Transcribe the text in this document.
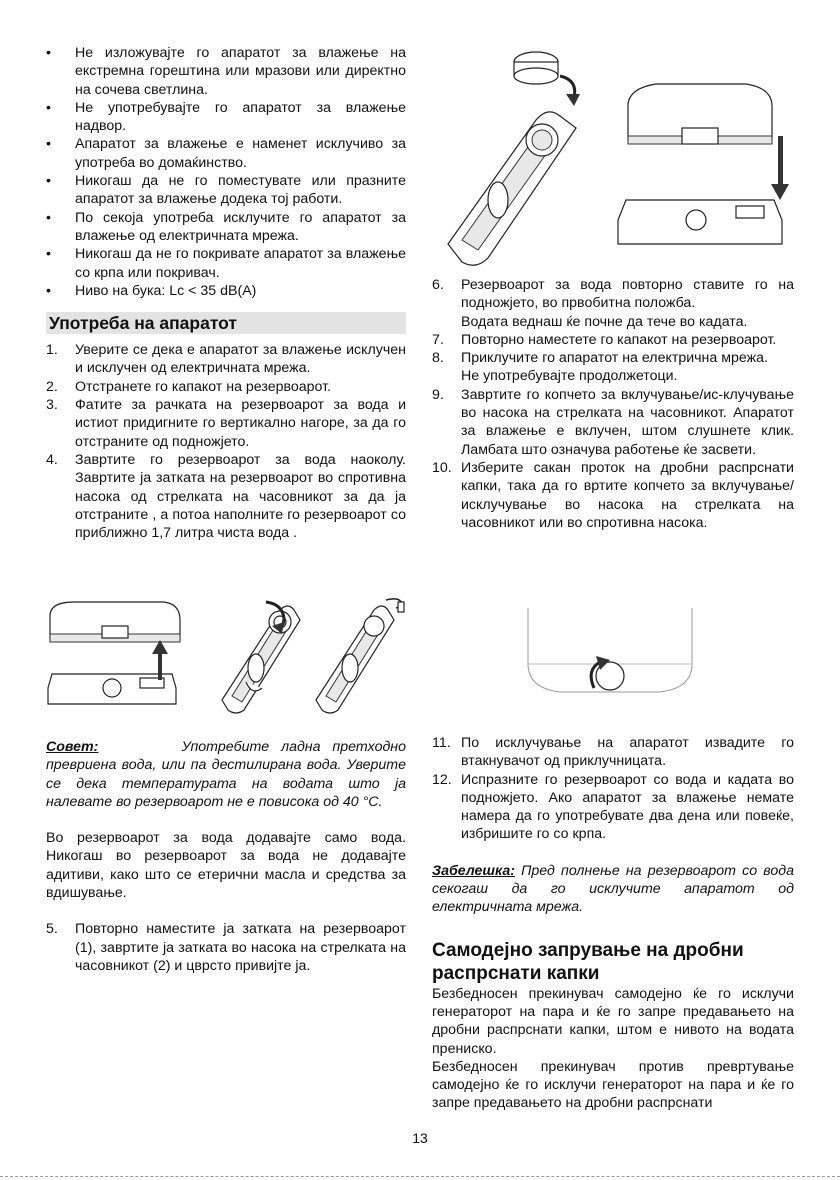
• Не изложувајте го апаратот за влажење на екстремна горештина или мразови или директно на сочева светлина.
• Не употребувајте го апаратот за влажење надвор.
• Апаратот за влажење е наменет исклучиво за употреба во домаќинство.
• Никогаш да не го поместувате или празните апаратот за влажење додека тој работи.
• По секоја употреба исклучите го апаратот за влажење од електричната мрежа.
• Никогаш да не го покривате апаратот за влажење со крпа или покривач.
• Ниво на бука: Lc < 35 dB(A)
Употреба на апаратот
1. Уверите се дека е апаратот за влажење исклучен и исклучен од електричната мрежа.
2. Отстранете го капакот на резервоарот.
3. Фатите за рачката на резервоарот за вода и истиот придигните го вертикално нагоре, за да го отстраните од подножјето.
4. Завртите го резервоарот за вода наоколу. Завртите ја затката на резервоарот во спротивна насока од стрелката на часовникот за да ја отстраните , а потоа наполните го резервоарот со приближно 1,7 литра чиста вода .

Совет:	Употребите ладна претходно превриена вода, или па дестилирана вода. Уверите се дека температурата на водата што ја налевате во резервоарот не е повисока од 40 °C.

Во резервоарот за вода додавајте само вода. Никогаш во резервоарот за вода не додавајте адитиви, како што се етерични масла и средства за вдишување.

5. Повторно наместите ја затката на резервоарот (1), завртите ја затката во насока на стрелката на часовникот (2) и цврсто привијте ја.
6. Резервоарот за вода повторно ставите го на подножјето, во првобитна положба.
Водата веднаш ќе почне да тече во кадата.
7. Повторно наместете го капакот на резервоарот.
8. Приклучите го апаратот на електрична мрежа.
Не употребувајте продолжетоци.
9. Завртите го копчето за вклучување/ис-клучување во насока на стрелката на часовникот. Апаратот за влажење е вклучен, штом слушнете клик. Ламбата што означува работење ќе засвети.
10. Изберите сакан проток на дробни распрснати капки, така да го вртите копчето за вклучување/исклучување во насока на стрелката на часовникот или во спротивна насока.
11. По исклучување на апаратот извадите го втакнувачот од приклучницата.
12. Испразните го резервоарот со вода и кадата во подножјето. Ако апаратот за влажење немате намера да го употребувате два дена или повеќе, избришите го со крпа.

Забелешка: Пред полнење на резервоарот со вода секогаш да го исклучите апаратот од електричната мрежа.

Самодејно запрување на дробни распрснати капки

Безбедносен прекинувач самодејно ќе го исклучи генераторот на пара и ќе го запре предавањето на дробни распрснати капки, штом е нивото на водата прениско.

Безбедносен прекинувач против превртување самодејно ќе го исклучи генераторот на пара и ќе го запре предавањето на дробни распрснати

13
